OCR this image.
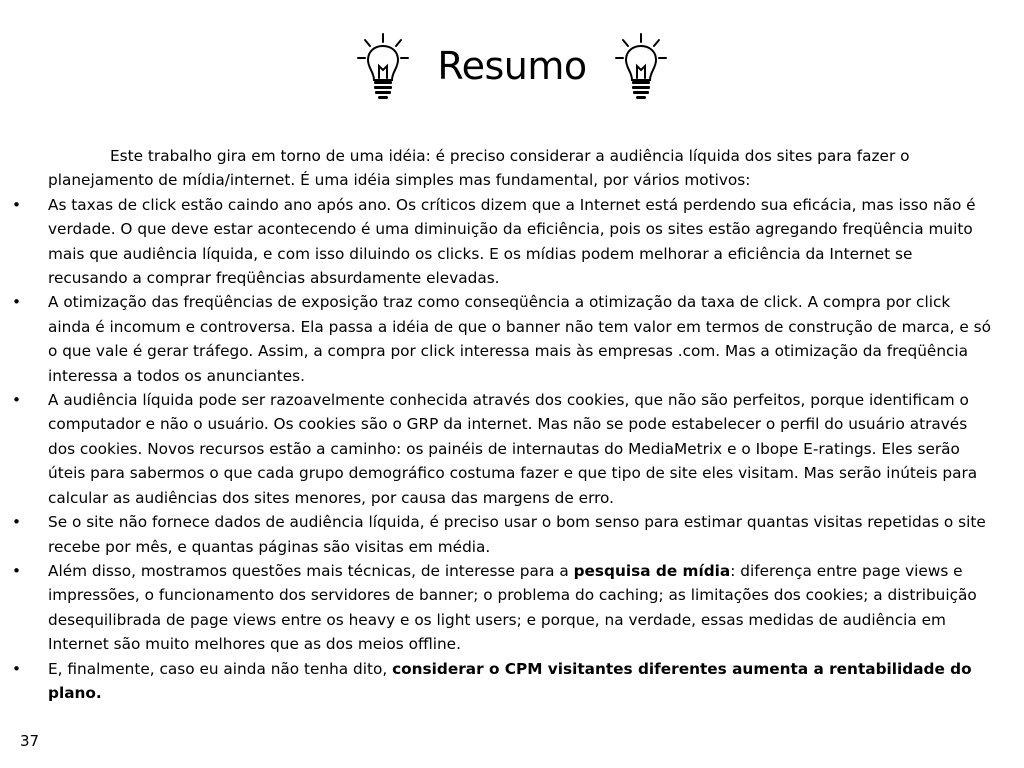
Resumo

Este trabalho gira em torno de uma idéia: é preciso considerar a audiência líquida dos sites para fazer o planejamento de mídia/internet. É uma idéia simples mas fundamental, por vários motivos:

• As taxas de click estão caindo ano após ano. Os críticos dizem que a Internet está perdendo sua eficácia, mas isso não é verdade. O que deve estar acontecendo é uma diminuição da eficiência, pois os sites estão agregando freqüência muito mais que audiência líquida, e com isso diluindo os clicks. E os mídias podem melhorar a eficiência da Internet se recusando a comprar freqüências absurdamente elevadas.
• A otimização das freqüências de exposição traz como conseqüência a otimização da taxa de click. A compra por click ainda é incomum e controversa. Ela passa a idéia de que o banner não tem valor em termos de construção de marca, e só o que vale é gerar tráfego. Assim, a compra por click interessa mais às empresas .com. Mas a otimização da freqüência interessa a todos os anunciantes.
• A audiência líquida pode ser razoavelmente conhecida através dos cookies, que não são perfeitos, porque identificam o computador e não o usuário. Os cookies são o GRP da internet. Mas não se pode estabelecer o perfil do usuário através dos cookies. Novos recursos estão a caminho: os painéis de internautas do MediaMetrix e o Ibope E-ratings. Eles serão úteis para sabermos o que cada grupo demográfico costuma fazer e que tipo de site eles visitam. Mas serão inúteis para calcular as audiências dos sites menores, por causa das margens de erro.
• Se o site não fornece dados de audiência líquida, é preciso usar o bom senso para estimar quantas visitas repetidas o site recebe por mês, e quantas páginas são visitas em média.
• Além disso, mostramos questões mais técnicas, de interesse para a pesquisa de mídia: diferença entre page views e impressões, o funcionamento dos servidores de banner; o problema do caching; as limitações dos cookies; a distribuição desequilibrada de page views entre os heavy e os light users; e porque, na verdade, essas medidas de audiência em Internet são muito melhores que as dos meios offline.
• E, finalmente, caso eu ainda não tenha dito, considerar o CPM visitantes diferentes aumenta a rentabilidade do plano.
37
